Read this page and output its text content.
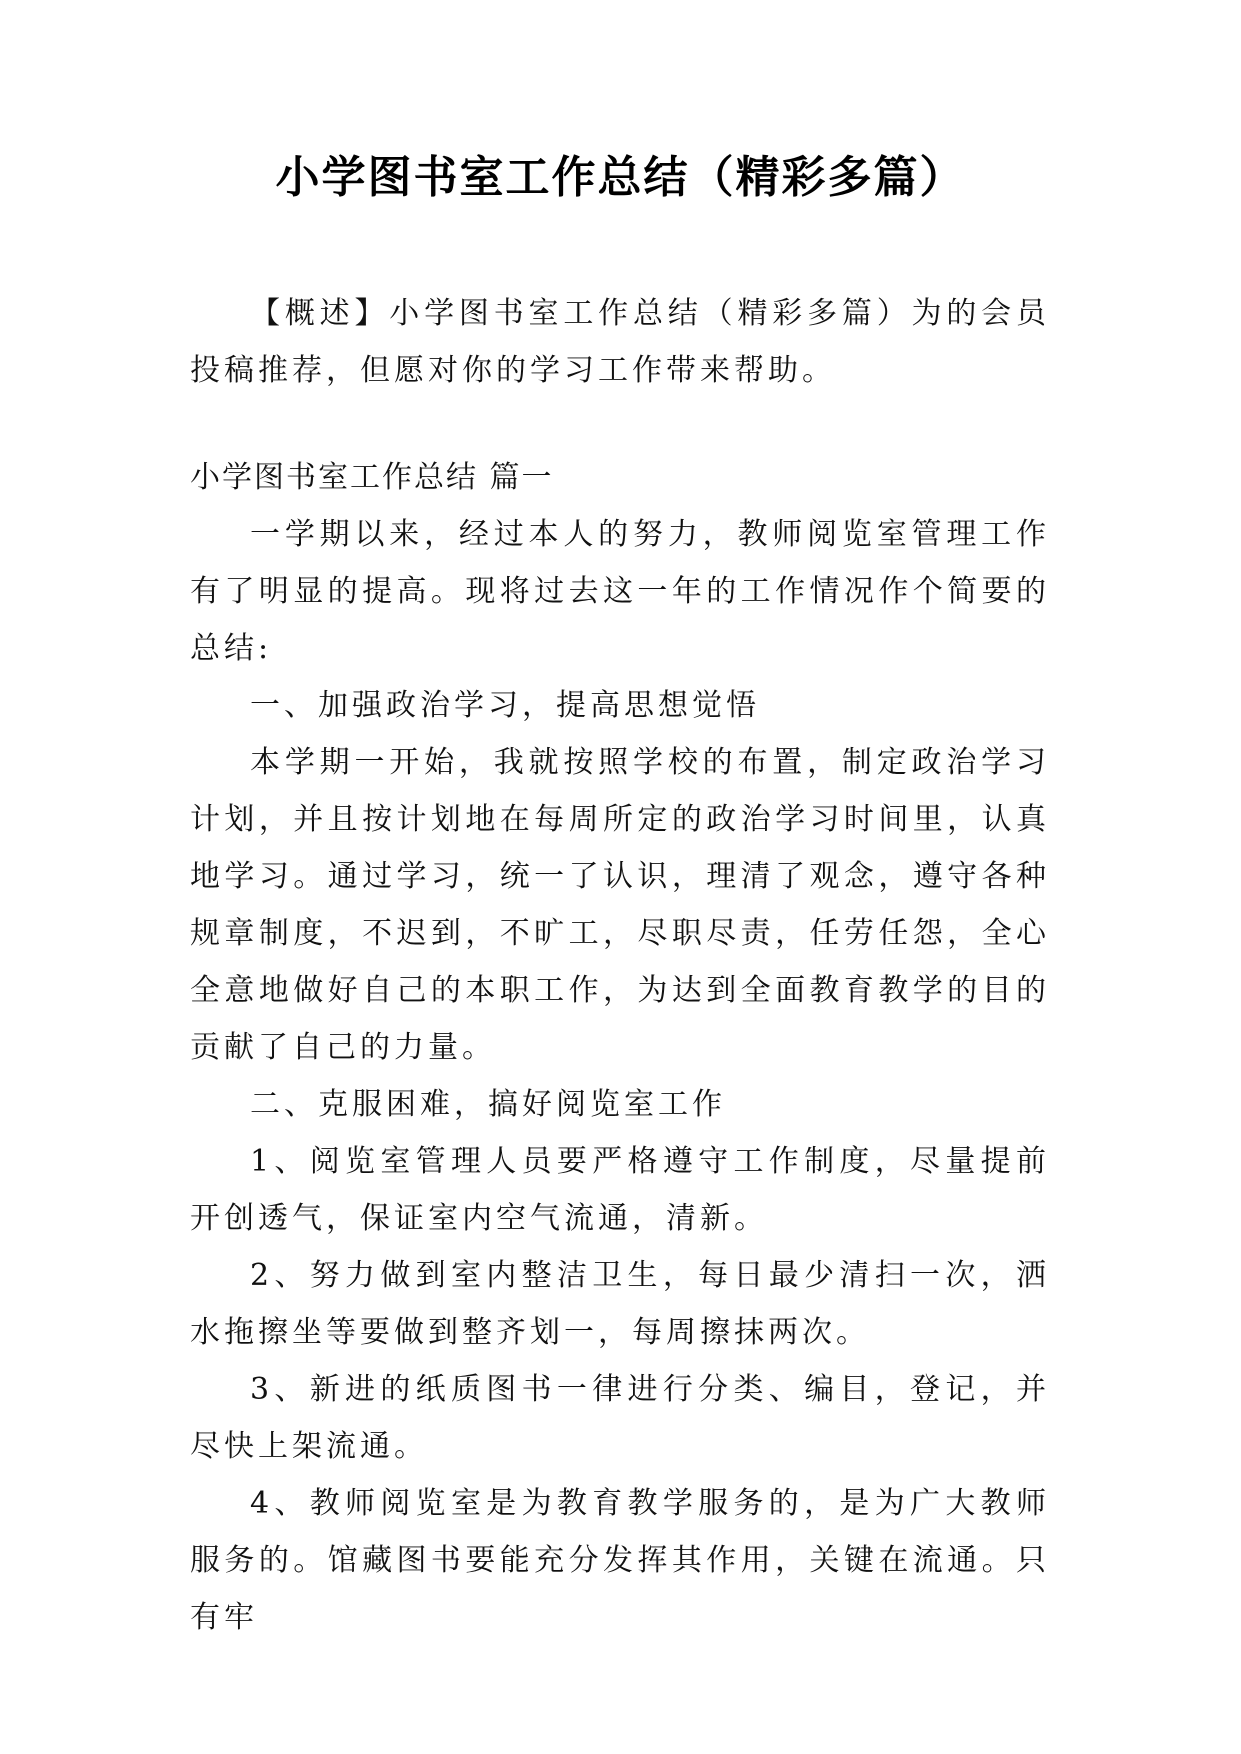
小学图书室工作总结（精彩多篇）

【概述】小学图书室工作总结（精彩多篇）为的会员投稿推荐，但愿对你的学习工作带来帮助。

小学图书室工作总结 篇一

一学期以来，经过本人的努力，教师阅览室管理工作有了明显的提高。现将过去这一年的工作情况作个简要的总结:

一、加强政治学习，提高思想觉悟

本学期一开始，我就按照学校的布置，制定政治学习计划，并且按计划地在每周所定的政治学习时间里，认真地学习。通过学习，统一了认识，理清了观念，遵守各种规章制度，不迟到，不旷工，尽职尽责，任劳任怨，全心全意地做好自己的本职工作，为达到全面教育教学的目的贡献了自己的力量。

二、克服困难，搞好阅览室工作

1、阅览室管理人员要严格遵守工作制度，尽量提前开创透气，保证室内空气流通，清新。

2、努力做到室内整洁卫生，每日最少清扫一次，洒水拖擦坐等要做到整齐划一，每周擦抹两次。

3、新进的纸质图书一律进行分类、编目，登记，并尽快上架流通。

4、教师阅览室是为教育教学服务的，是为广大教师服务的。馆藏图书要能充分发挥其作用，关键在流通。只有牢
